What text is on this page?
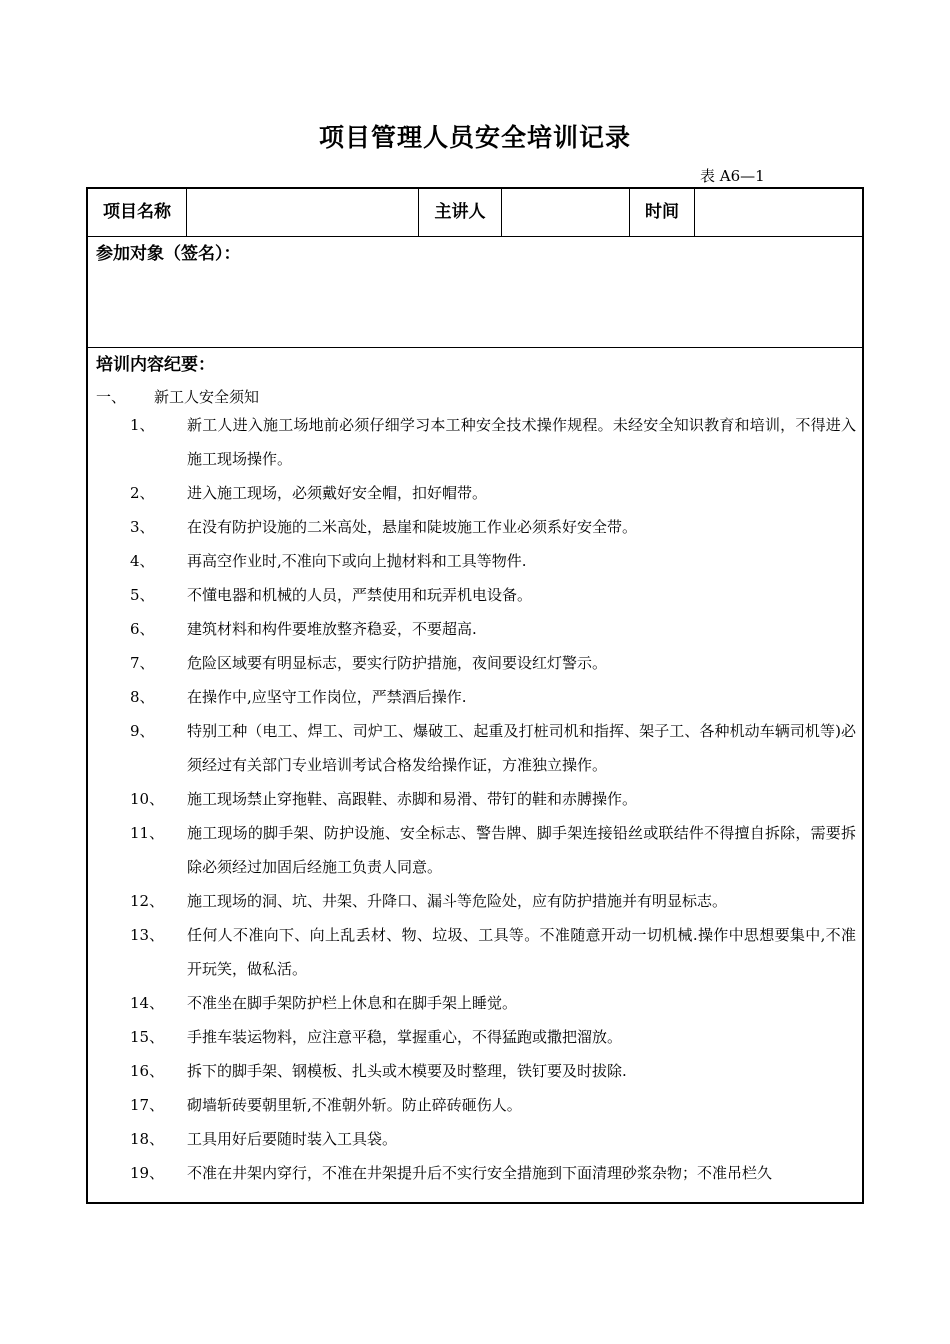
项目管理人员安全培训记录
表 A6—1
项目名称	主讲人	时间
参加对象（签名）：
培训内容纪要：
一、 新工人安全须知
1、 新工人进入施工场地前必须仔细学习本工种安全技术操作规程。未经安全知识教育和培训，不得进入施工现场操作。
2、 进入施工现场，必须戴好安全帽，扣好帽带。
3、 在没有防护设施的二米高处，悬崖和陡坡施工作业必须系好安全带。
4、 再高空作业时,不准向下或向上抛材料和工具等物件.
5、 不懂电器和机械的人员，严禁使用和玩弄机电设备。
6、 建筑材料和构件要堆放整齐稳妥，不要超高.
7、 危险区域要有明显标志，要实行防护措施，夜间要设红灯警示。
8、 在操作中,应坚守工作岗位，严禁酒后操作.
9、 特别工种（电工、焊工、司炉工、爆破工、起重及打桩司机和指挥、架子工、各种机动车辆司机等)必须经过有关部门专业培训考试合格发给操作证，方准独立操作。
10、 施工现场禁止穿拖鞋、高跟鞋、赤脚和易滑、带钉的鞋和赤膊操作。
11、 施工现场的脚手架、防护设施、安全标志、警告牌、脚手架连接铅丝或联结件不得擅自拆除，需要拆除必须经过加固后经施工负责人同意。
12、 施工现场的洞、坑、井架、升降口、漏斗等危险处，应有防护措施并有明显标志。
13、 任何人不准向下、向上乱丢材、物、垃圾、工具等。不准随意开动一切机械.操作中思想要集中,不准开玩笑，做私活。
14、 不准坐在脚手架防护栏上休息和在脚手架上睡觉。
15、 手推车装运物料，应注意平稳，掌握重心，不得猛跑或撒把溜放。
16、 拆下的脚手架、钢模板、扎头或木模要及时整理，铁钉要及时拔除.
17、 砌墙斩砖要朝里斩,不准朝外斩。防止碎砖砸伤人。
18、 工具用好后要随时装入工具袋。
19、 不准在井架内穿行，不准在井架提升后不实行安全措施到下面清理砂浆杂物；不准吊栏久
